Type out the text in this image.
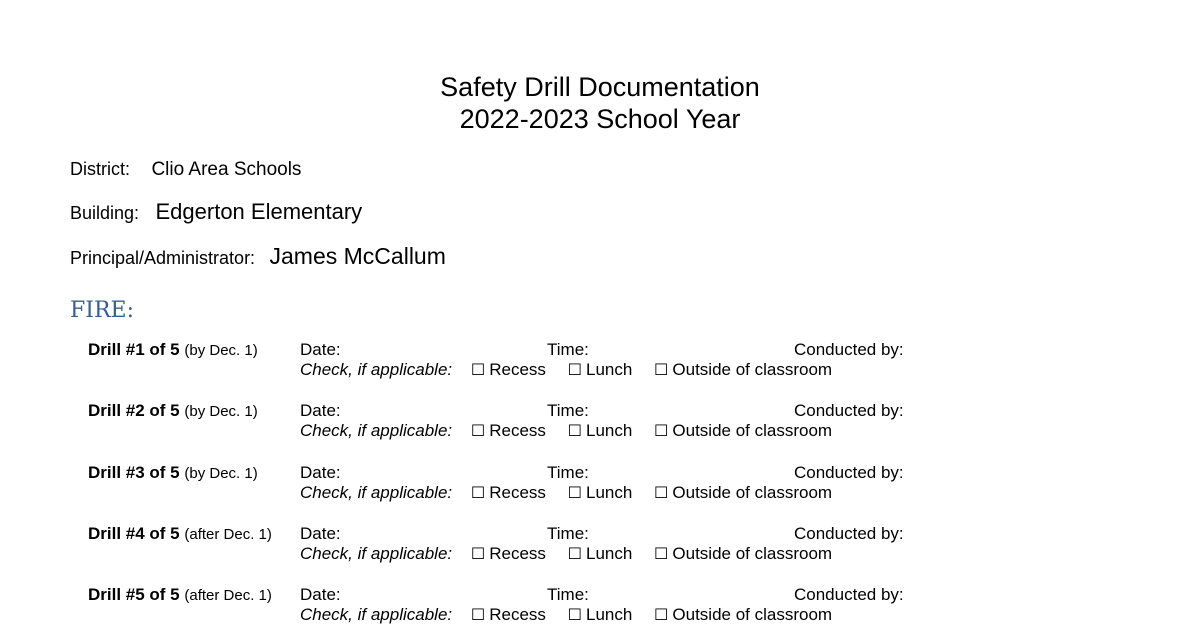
Safety Drill Documentation
2022-2023 School Year
District: Clio Area Schools
Building: Edgerton Elementary
Principal/Administrator: James McCallum
FIRE:
Drill #1 of 5 (by Dec. 1) Date:	Time:	Conducted by:
Check, if applicable: ☐ Recess ☐ Lunch ☐ Outside of classroom
Drill #2 of 5 (by Dec. 1) Date:	Time:	Conducted by:
Check, if applicable: ☐ Recess ☐ Lunch ☐ Outside of classroom
Drill #3 of 5 (by Dec. 1) Date:	Time:	Conducted by:
Check, if applicable: ☐ Recess ☐ Lunch ☐ Outside of classroom
Drill #4 of 5 (after Dec. 1) Date:	Time:	Conducted by:
Check, if applicable: ☐ Recess ☐ Lunch ☐ Outside of classroom
Drill #5 of 5 (after Dec. 1) Date:	Time:	Conducted by:
Check, if applicable: ☐ Recess ☐ Lunch ☐ Outside of classroom
